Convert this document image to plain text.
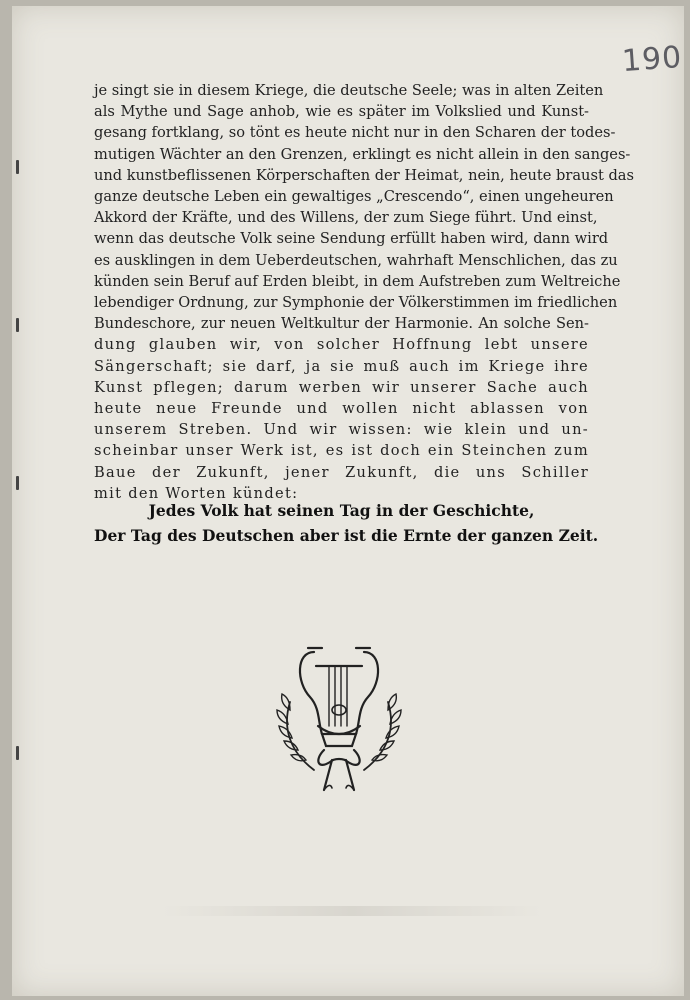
190
je singt sie in diesem Kriege, die deutsche Seele; was in alten Zeiten
als Mythe und Sage anhob, wie es später im Volkslied und Kunst-
gesang fortklang, so tönt es heute nicht nur in den Scharen der todes-
mutigen Wächter an den Grenzen, erklingt es nicht allein in den sanges-
und kunstbeflissenen Körperschaften der Heimat, nein, heute braust das
ganze deutsche Leben ein gewaltiges „Crescendo“, einen ungeheuren
Akkord der Kräfte, und des Willens, der zum Siege führt. Und einst,
wenn das deutsche Volk seine Sendung erfüllt haben wird, dann wird
es ausklingen in dem Ueberdeutschen, wahrhaft Menschlichen, das zu
künden sein Beruf auf Erden bleibt, in dem Aufstreben zum Weltreiche
lebendiger Ordnung, zur Symphonie der Völkerstimmen im friedlichen
Bundeschore, zur neuen Weltkultur der Harmonie. An solche Sen-
dung glauben wir, von solcher Hoffnung lebt unsere
Sängerschaft; sie darf, ja sie muß auch im Kriege ihre
Kunst pflegen; darum werben wir unserer Sache auch
heute neue Freunde und wollen nicht ablassen von
unserem Streben. Und wir wissen: wie klein und un-
scheinbar unser Werk ist, es ist doch ein Steinchen zum
Baue der Zukunft, jener Zukunft, die uns Schiller
mit den Worten kündet:
Jedes Volk hat seinen Tag in der Geschichte,
Der Tag des Deutschen aber ist die Ernte der ganzen Zeit.
